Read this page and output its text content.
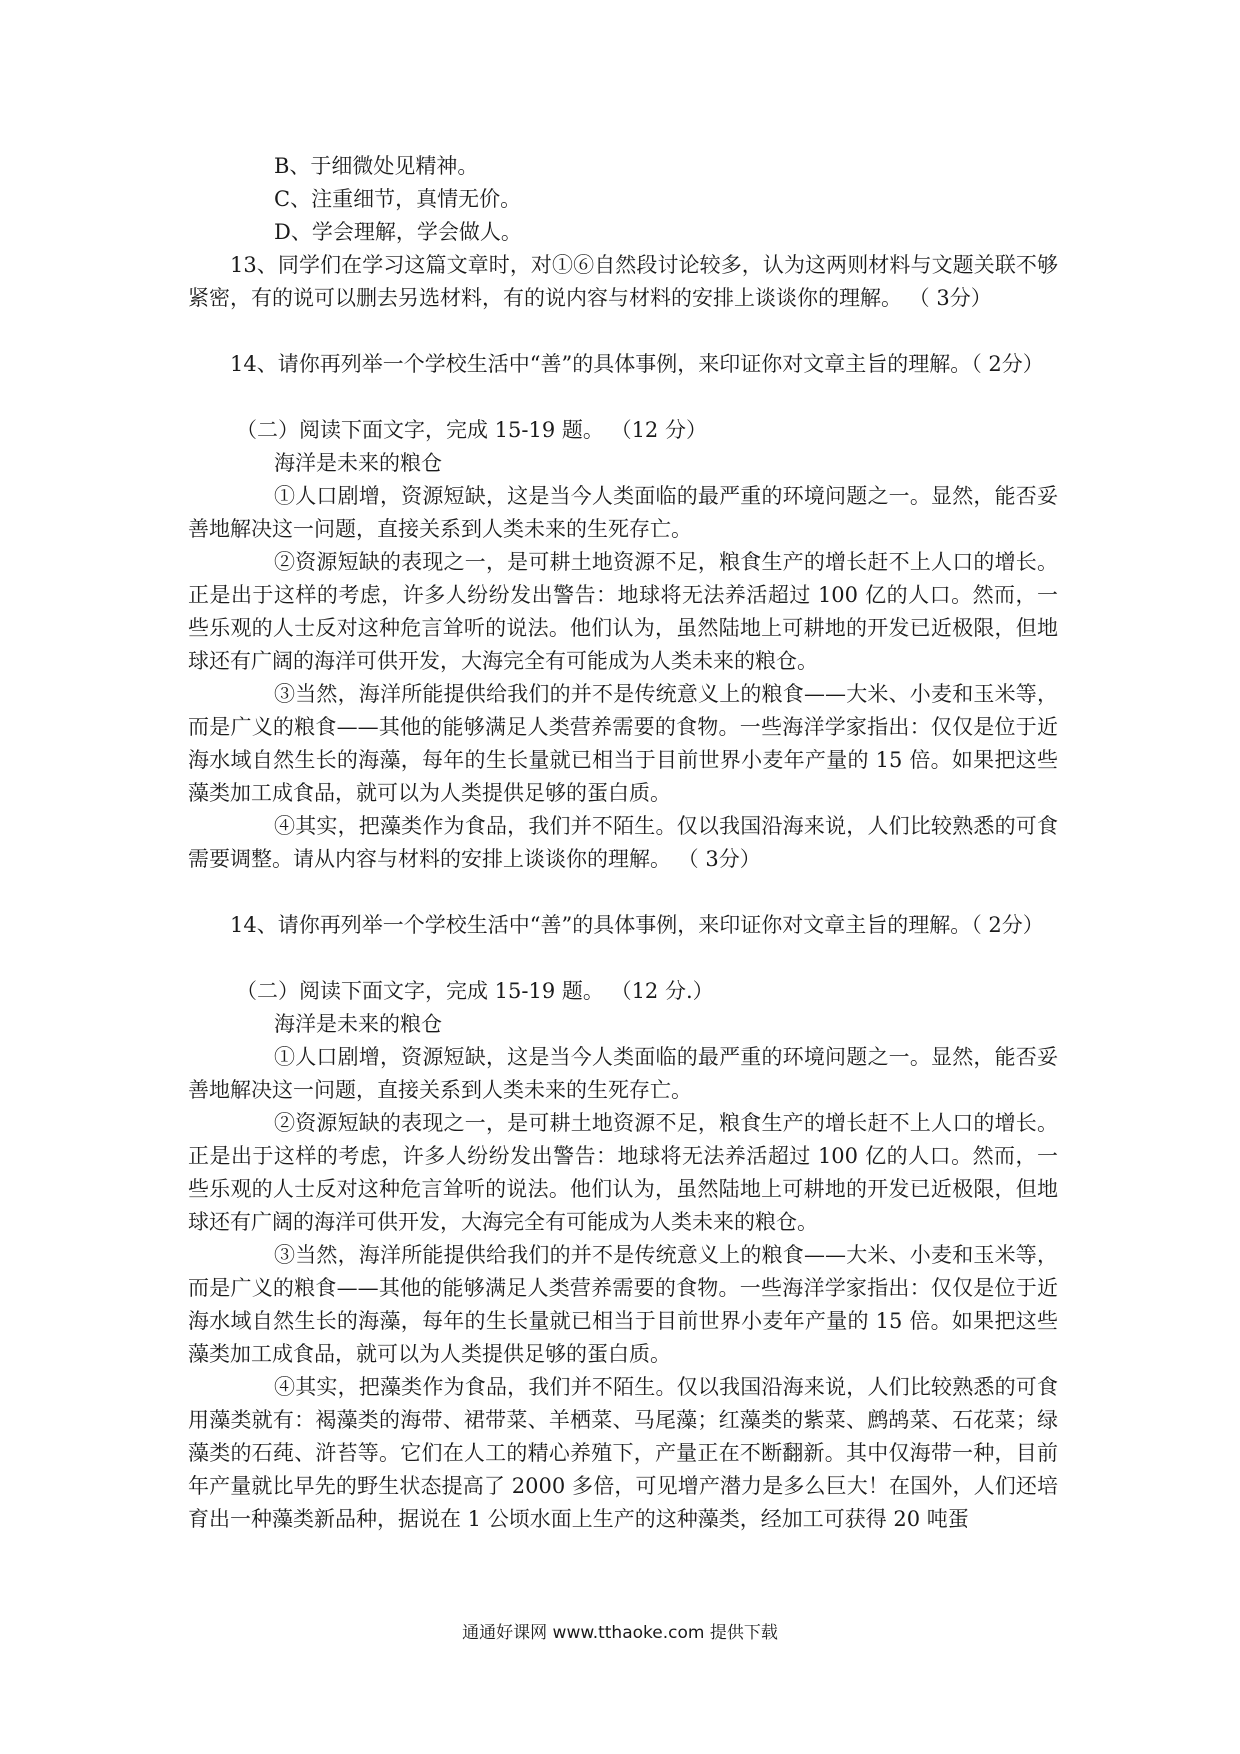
B、于细微处见精神。
C、注重细节，真情无价。
D、学会理解，学会做人。

13、同学们在学习这篇文章时，对①⑥自然段讨论较多，认为这两则材料与文题关联不够紧密，有的说可以删去另选材料，有的说内容与材料的安排上谈谈你的理解。 （ 3分）

14、请你再列举一个学校生活中“善”的具体事例，来印证你对文章主旨的理解。（ 2分）

（二）阅读下面文字，完成 15-19 题。 （12 分）
海洋是未来的粮仓

①人口剧增，资源短缺，这是当今人类面临的最严重的环境问题之一。显然，能否妥善地解决这一问题，直接关系到人类未来的生死存亡。

②资源短缺的表现之一，是可耕土地资源不足，粮食生产的增长赶不上人口的增长。正是出于这样的考虑，许多人纷纷发出警告：地球将无法养活超过 100 亿的人口。然而，一些乐观的人士反对这种危言耸听的说法。他们认为，虽然陆地上可耕地的开发已近极限，但地球还有广阔的海洋可供开发，大海完全有可能成为人类未来的粮仓。

③当然，海洋所能提供给我们的并不是传统意义上的粮食——大米、小麦和玉米等，而是广义的粮食——其他的能够满足人类营养需要的食物。一些海洋学家指出：仅仅是位于近海水域自然生长的海藻，每年的生长量就已相当于目前世界小麦年产量的 15 倍。如果把这些藻类加工成食品，就可以为人类提供足够的蛋白质。

④其实，把藻类作为食品，我们并不陌生。仅以我国沿海来说，人们比较熟悉的可食需要调整。请从内容与材料的安排上谈谈你的理解。 （ 3分）

14、请你再列举一个学校生活中“善”的具体事例，来印证你对文章主旨的理解。（ 2分）

（二）阅读下面文字，完成 15-19 题。 （12 分.）
海洋是未来的粮仓

①人口剧增，资源短缺，这是当今人类面临的最严重的环境问题之一。显然，能否妥善地解决这一问题，直接关系到人类未来的生死存亡。

②资源短缺的表现之一，是可耕土地资源不足，粮食生产的增长赶不上人口的增长。正是出于这样的考虑，许多人纷纷发出警告：地球将无法养活超过 100 亿的人口。然而，一些乐观的人士反对这种危言耸听的说法。他们认为，虽然陆地上可耕地的开发已近极限，但地球还有广阔的海洋可供开发，大海完全有可能成为人类未来的粮仓。

③当然，海洋所能提供给我们的并不是传统意义上的粮食——大米、小麦和玉米等，而是广义的粮食——其他的能够满足人类营养需要的食物。一些海洋学家指出：仅仅是位于近海水域自然生长的海藻，每年的生长量就已相当于目前世界小麦年产量的 15 倍。如果把这些藻类加工成食品，就可以为人类提供足够的蛋白质。

④其实，把藻类作为食品，我们并不陌生。仅以我国沿海来说，人们比较熟悉的可食用藻类就有：褐藻类的海带、裙带菜、羊栖菜、马尾藻；红藻类的紫菜、鹧鸪菜、石花菜；绿藻类的石莼、浒苔等。它们在人工的精心养殖下，产量正在不断翻新。其中仅海带一种，目前年产量就比早先的野生状态提高了 2000 多倍，可见增产潜力是多么巨大！在国外，人们还培育出一种藻类新品种，据说在 1 公顷水面上生产的这种藻类，经加工可获得 20 吨蛋

通通好课网 www.tthaoke.com 提供下载
